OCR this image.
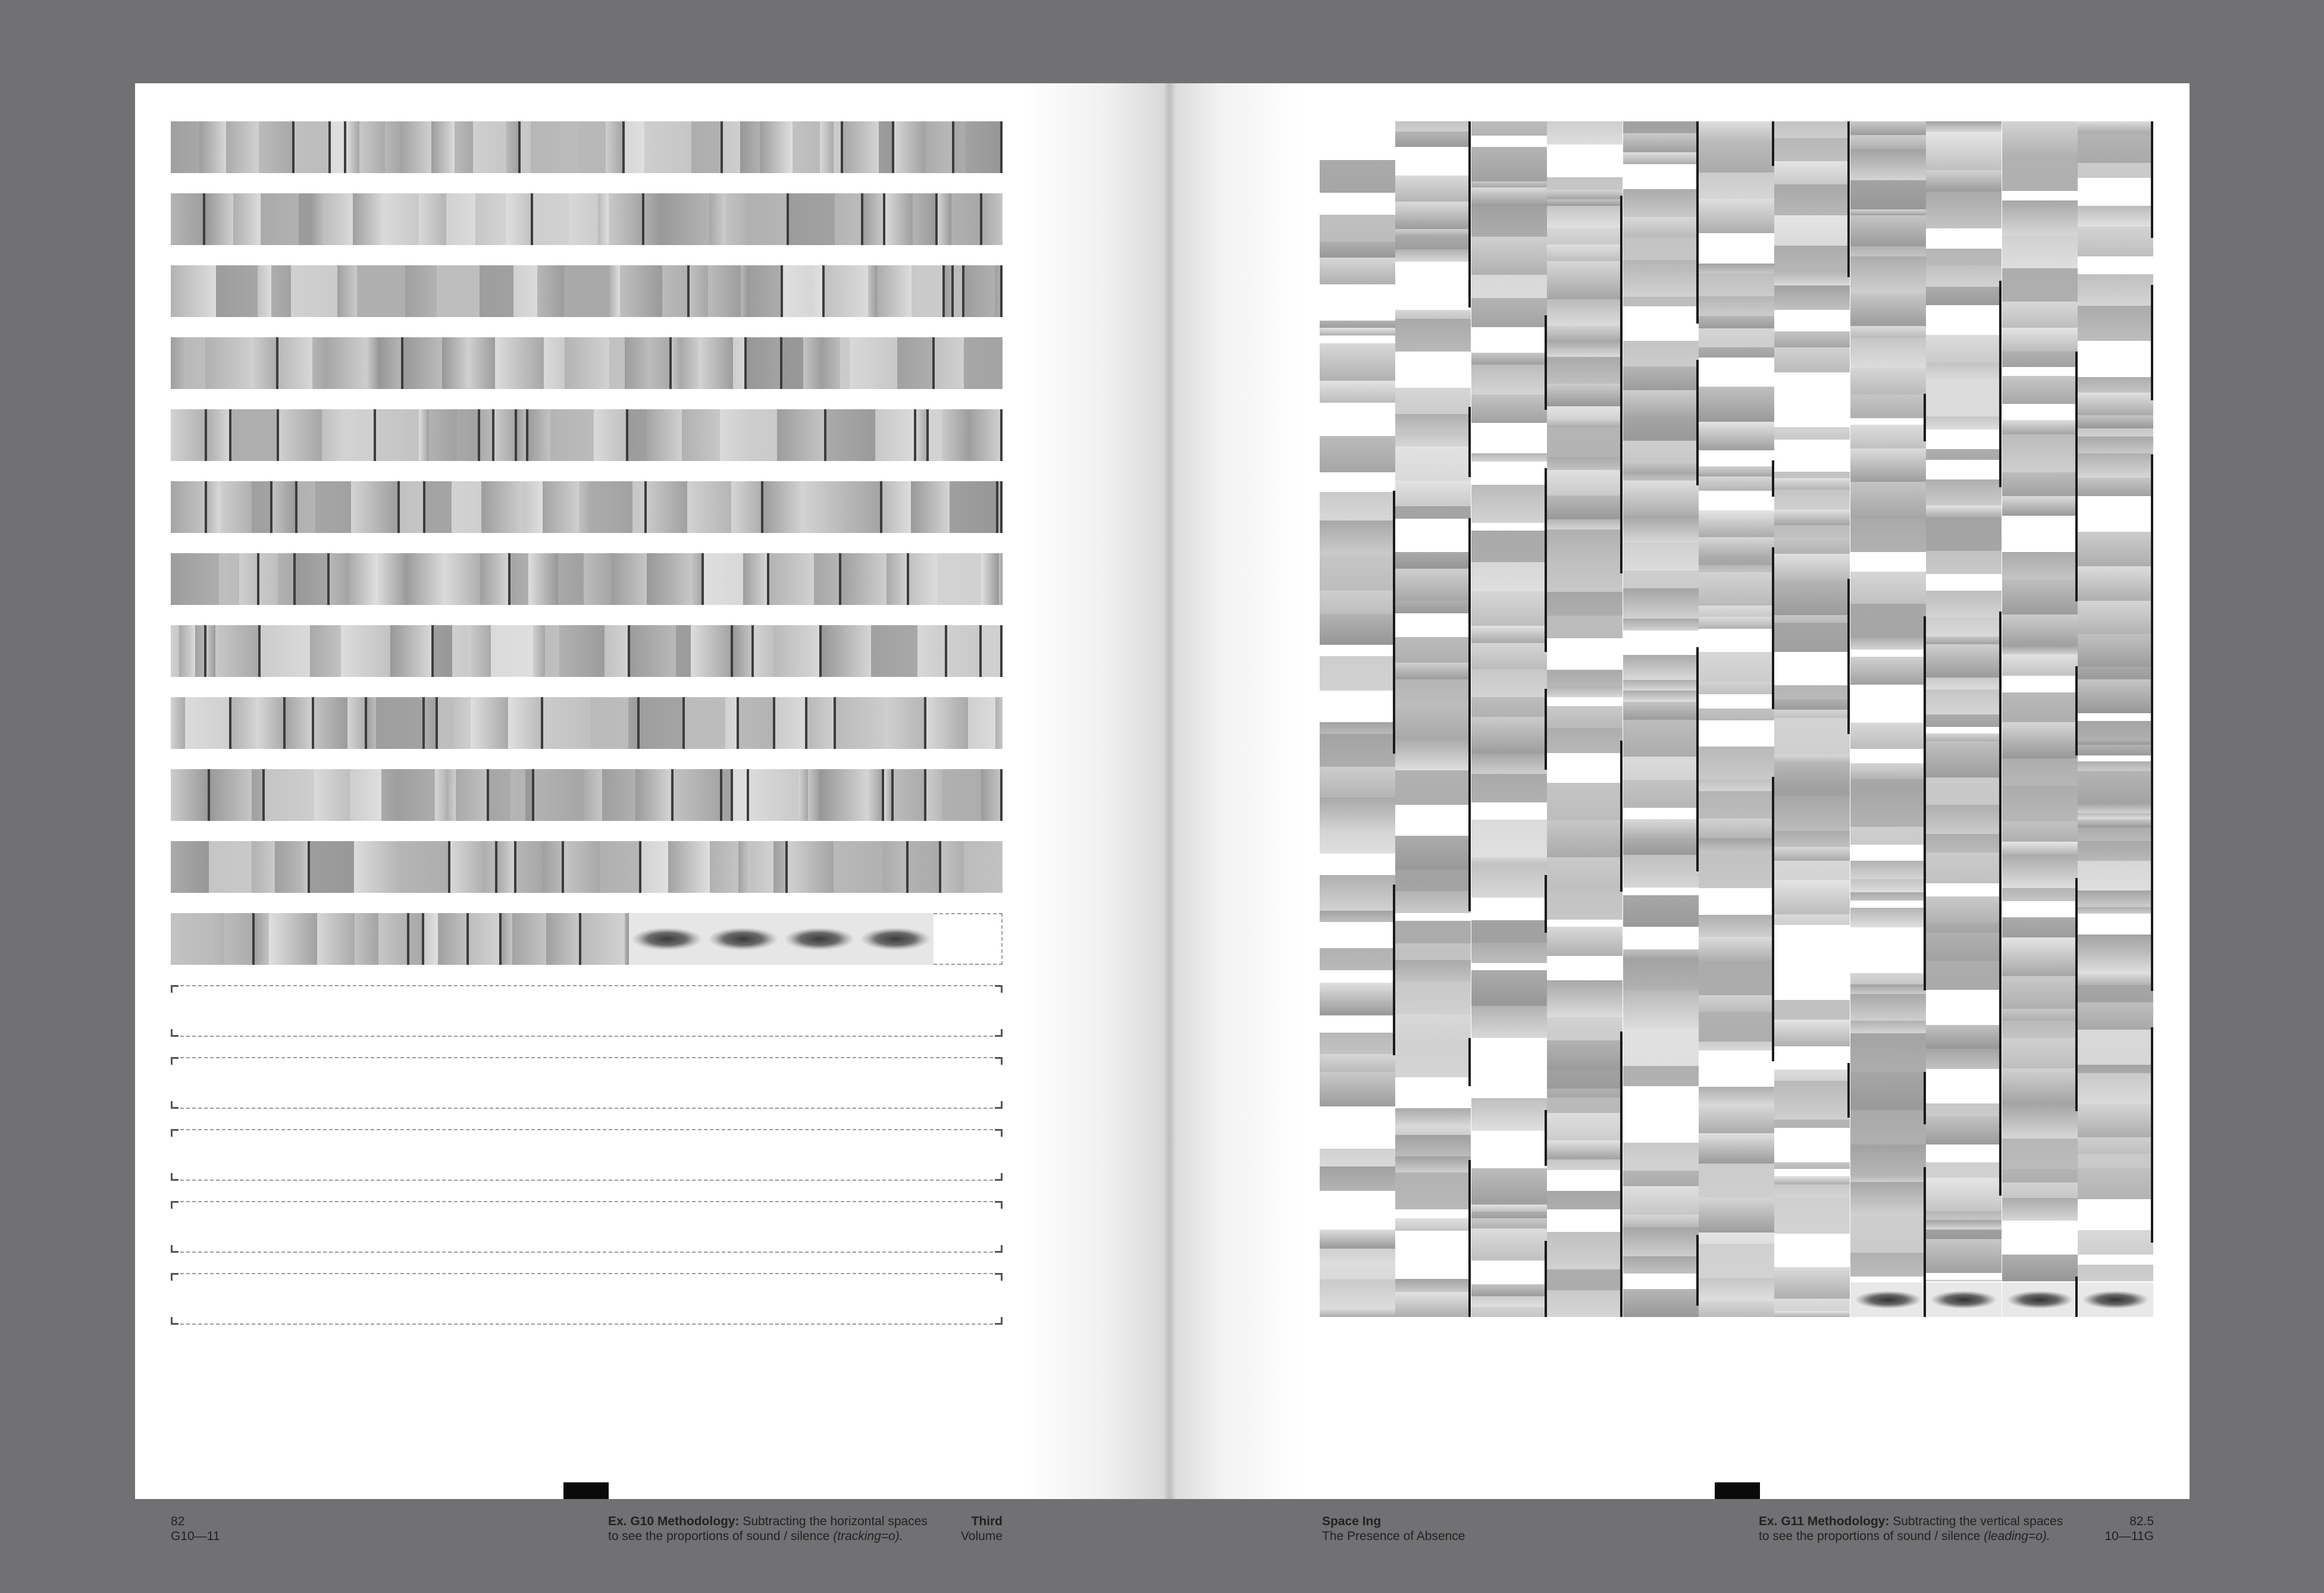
82
G10—11
Ex. G10 Methodology: Subtracting the horizontal spaces
to see the proportions of sound / silence (tracking=o).
Third
Volume
Space Ing
The Presence of Absence
Ex. G11 Methodology: Subtracting the vertical spaces
to see the proportions of sound / silence (leading=o).
82.5
10—11G
